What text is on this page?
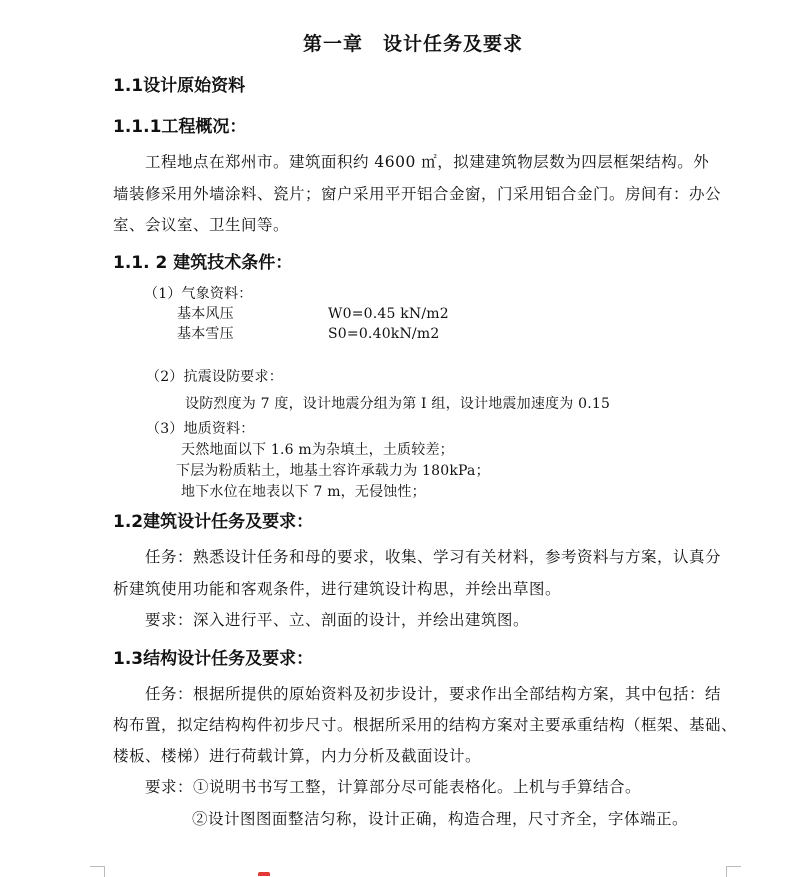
第一章　设计任务及要求
1.1设计原始资料
1.1.1工程概况：
工程地点在郑州市。建筑面积约 4600 ㎡，拟建建筑物层数为四层框架结构。外
墙装修采用外墙涂料、瓷片；窗户采用平开铝合金窗，门采用铝合金门。房间有：办公
室、会议室、卫生间等。
1.1. 2 建筑技术条件：
（1）气象资料：
基本风压	W0=0.45 kN/m2
基本雪压	S0=0.40kN/m2
（2）抗震设防要求：
设防烈度为 7 度，设计地震分组为第 I 组，设计地震加速度为 0.15
（3）地质资料：
天然地面以下 1.6 m为杂填土，土质较差；
下层为粉质粘土，地基土容许承载力为 180kPa；
地下水位在地表以下 7 m，无侵蚀性；
1.2建筑设计任务及要求：
任务：熟悉设计任务和母的要求，收集、学习有关材料，参考资料与方案，认真分
析建筑使用功能和客观条件，进行建筑设计构思，并绘出草图。
要求：深入进行平、立、剖面的设计，并绘出建筑图。
1.3结构设计任务及要求：
任务：根据所提供的原始资料及初步设计，要求作出全部结构方案，其中包括：结
构布置，拟定结构构件初步尺寸。根据所采用的结构方案对主要承重结构（框架、基础、
楼板、楼梯）进行荷载计算，内力分析及截面设计。
要求：①说明书书写工整，计算部分尽可能表格化。上机与手算结合。
②设计图图面整洁匀称，设计正确，构造合理，尺寸齐全，字体端正。
